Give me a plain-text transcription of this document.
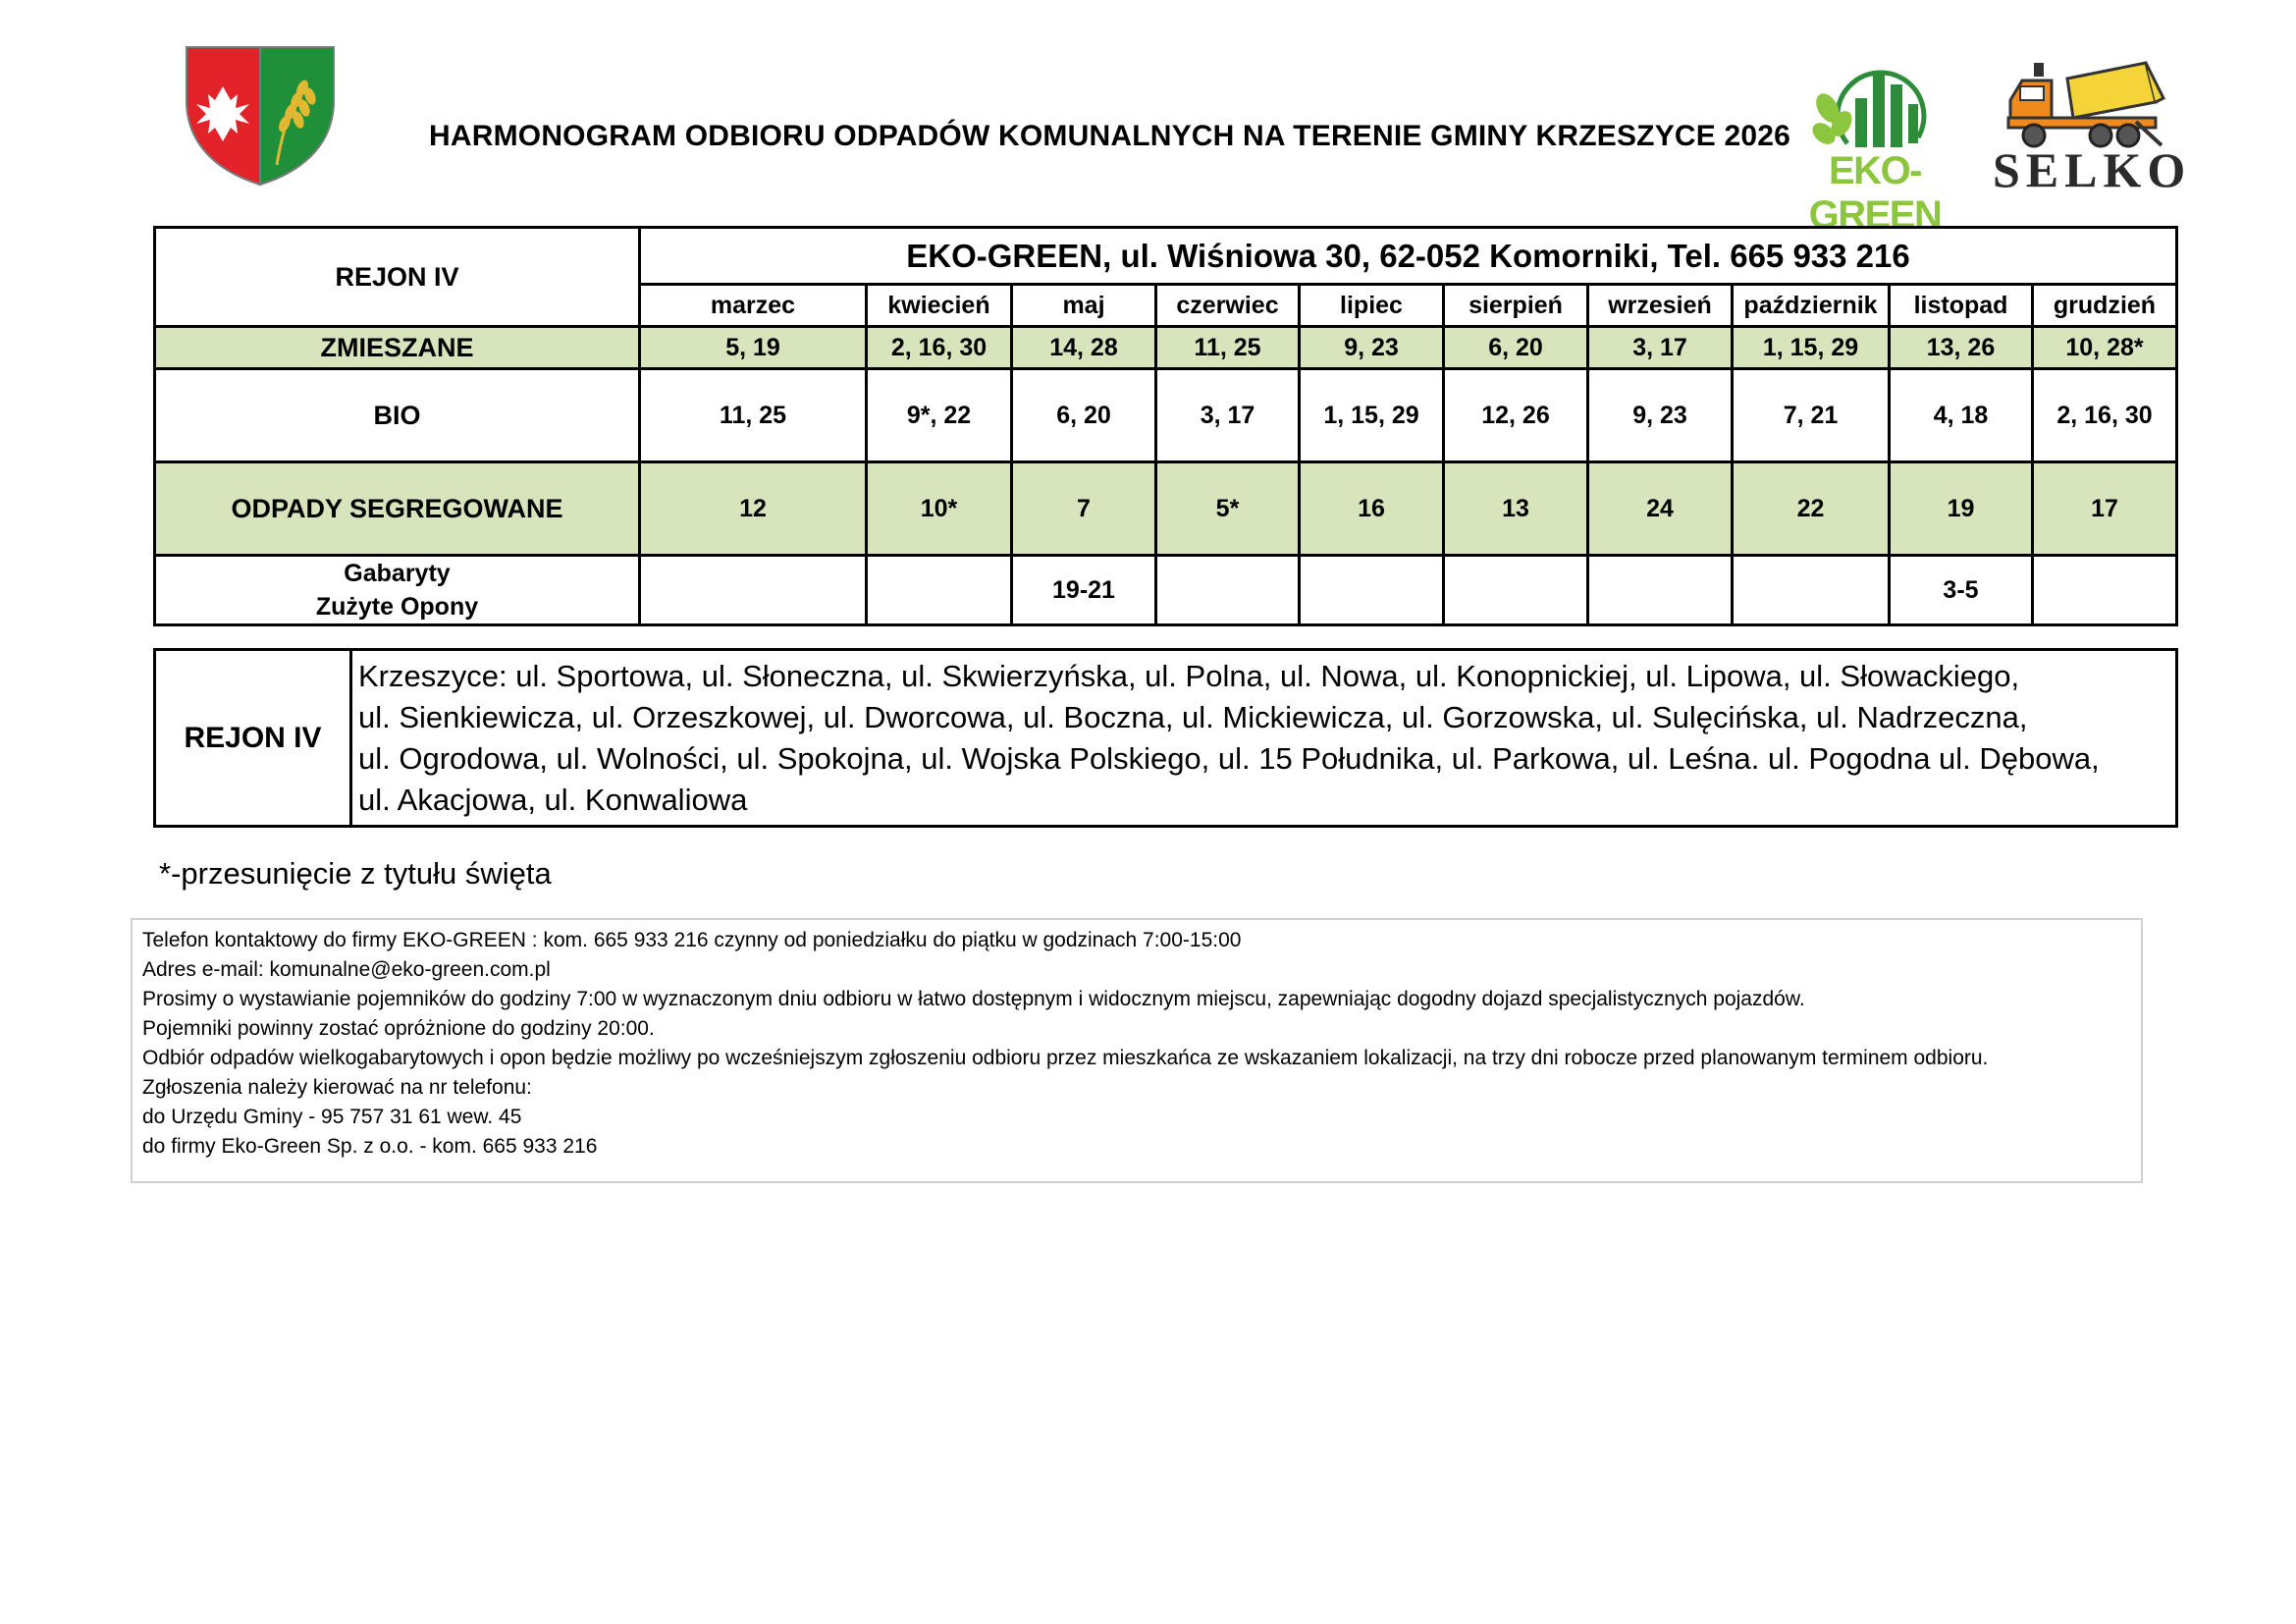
HARMONOGRAM ODBIORU ODPADÓW KOMUNALNYCH NA TERENIE GMINY KRZESZYCE 2026
EKO-GREEN
SELKO
REJON IV	EKO-GREEN, ul. Wiśniowa 30, 62-052 Komorniki, Tel. 665 933 216									
	marzec	kwiecień	maj	czerwiec	lipiec	sierpień	wrzesień	październik	listopad	grudzień
ZMIESZANE	5, 19	2, 16, 30	14, 28	11, 25	9, 23	6, 20	3, 17	1, 15, 29	13, 26	10, 28*
BIO	11, 25	9*, 22	6, 20	3, 17	1, 15, 29	12, 26	9, 23	7, 21	4, 18	2, 16, 30
ODPADY SEGREGOWANE	12	10*	7	5*	16	13	24	22	19	17

Gabaryty
Zużyte Opony			19-21						3-5	
REJON IV	
Krzeszyce: ul. Sportowa, ul. Słoneczna, ul. Skwierzyńska, ul. Polna, ul. Nowa, ul. Konopnickiej, ul. Lipowa, ul. Słowackiego,
ul. Sienkiewicza, ul. Orzeszkowej, ul. Dworcowa, ul. Boczna, ul. Mickiewicza, ul. Gorzowska, ul. Sulęcińska, ul. Nadrzeczna,
ul. Ogrodowa, ul. Wolności, ul. Spokojna, ul. Wojska Polskiego, ul. 15 Południka, ul. Parkowa, ul. Leśna. ul. Pogodna ul. Dębowa,
ul. Akacjowa, ul. Konwaliowa
*-przesunięcie z tytułu święta
Telefon kontaktowy do firmy EKO-GREEN : kom. 665 933 216 czynny od poniedziałku do piątku w godzinach 7:00-15:00
Adres e-mail: komunalne@eko-green.com.pl
Prosimy o wystawianie pojemników do godziny 7:00 w wyznaczonym dniu odbioru w łatwo dostępnym i widocznym miejscu, zapewniając dogodny dojazd specjalistycznych pojazdów.
Pojemniki powinny zostać opróżnione do godziny 20:00.
Odbiór odpadów wielkogabarytowych i opon będzie możliwy po wcześniejszym zgłoszeniu odbioru przez mieszkańca ze wskazaniem lokalizacji, na trzy dni robocze przed planowanym terminem odbioru.
Zgłoszenia należy kierować na nr telefonu:
do Urzędu Gminy - 95 757 31 61 wew. 45
do firmy Eko-Green Sp. z o.o. - kom. 665 933 216
